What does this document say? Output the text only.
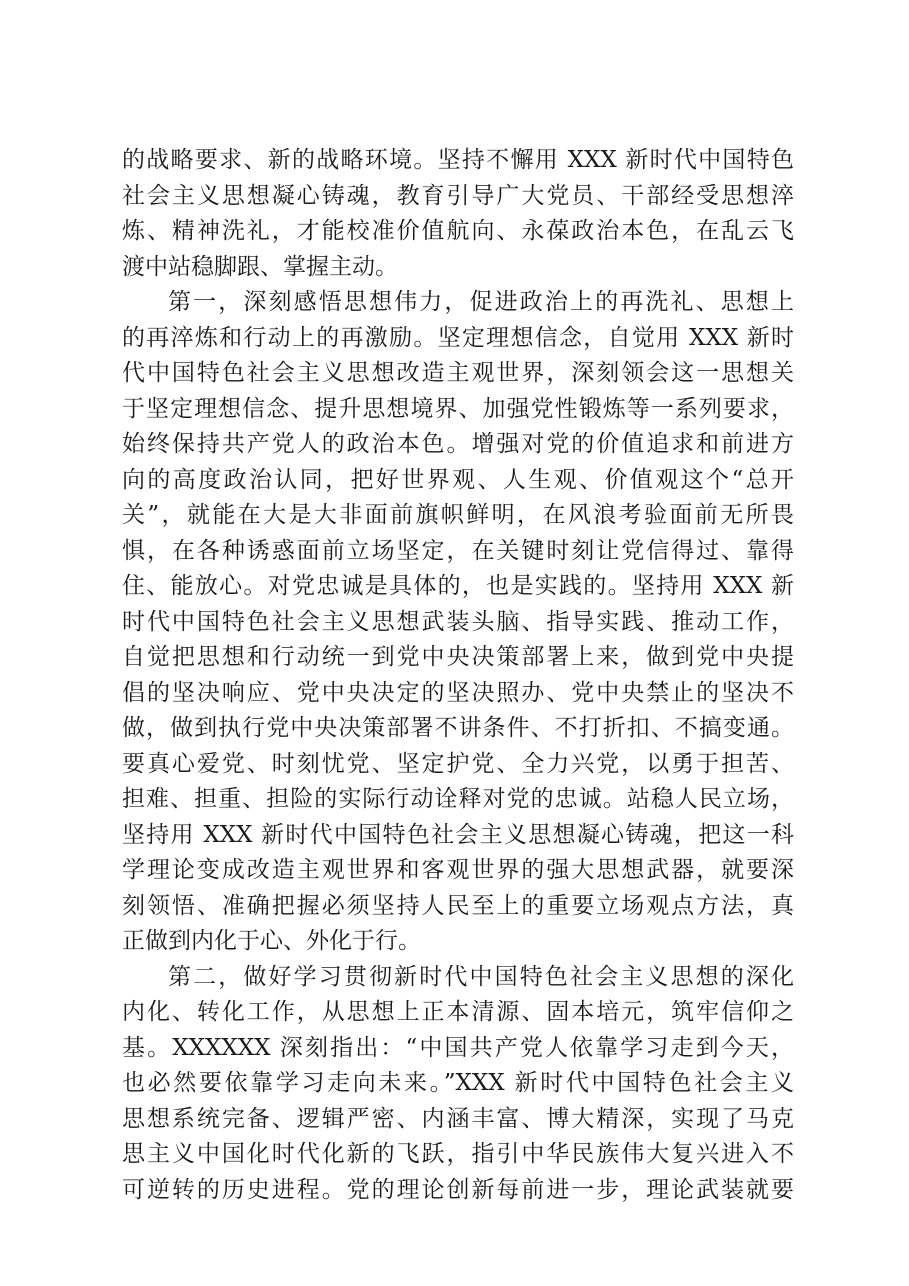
的战略要求、新的战略环境。坚持不懈用 XXX 新时代中国特色
社会主义思想凝心铸魂，教育引导广大党员、干部经受思想淬
炼、精神洗礼，才能校准价值航向、永葆政治本色，在乱云飞
渡中站稳脚跟、掌握主动。
第一，深刻感悟思想伟力，促进政治上的再洗礼、思想上
的再淬炼和行动上的再激励。坚定理想信念，自觉用 XXX 新时
代中国特色社会主义思想改造主观世界，深刻领会这一思想关
于坚定理想信念、提升思想境界、加强党性锻炼等一系列要求，
始终保持共产党人的政治本色。增强对党的价值追求和前进方
向的高度政治认同，把好世界观、人生观、价值观这个“总开
关”，就能在大是大非面前旗帜鲜明，在风浪考验面前无所畏
惧，在各种诱惑面前立场坚定，在关键时刻让党信得过、靠得
住、能放心。对党忠诚是具体的，也是实践的。坚持用 XXX 新
时代中国特色社会主义思想武装头脑、指导实践、推动工作，
自觉把思想和行动统一到党中央决策部署上来，做到党中央提
倡的坚决响应、党中央决定的坚决照办、党中央禁止的坚决不
做，做到执行党中央决策部署不讲条件、不打折扣、不搞变通。
要真心爱党、时刻忧党、坚定护党、全力兴党，以勇于担苦、
担难、担重、担险的实际行动诠释对党的忠诚。站稳人民立场，
坚持用 XXX 新时代中国特色社会主义思想凝心铸魂，把这一科
学理论变成改造主观世界和客观世界的强大思想武器，就要深
刻领悟、准确把握必须坚持人民至上的重要立场观点方法，真
正做到内化于心、外化于行。
第二，做好学习贯彻新时代中国特色社会主义思想的深化
内化、转化工作，从思想上正本清源、固本培元，筑牢信仰之
基。XXXXXX 深刻指出：“中国共产党人依靠学习走到今天，
也必然要依靠学习走向未来。”XXX 新时代中国特色社会主义
思想系统完备、逻辑严密、内涵丰富、博大精深，实现了马克
思主义中国化时代化新的飞跃，指引中华民族伟大复兴进入不
可逆转的历史进程。党的理论创新每前进一步，理论武装就要
